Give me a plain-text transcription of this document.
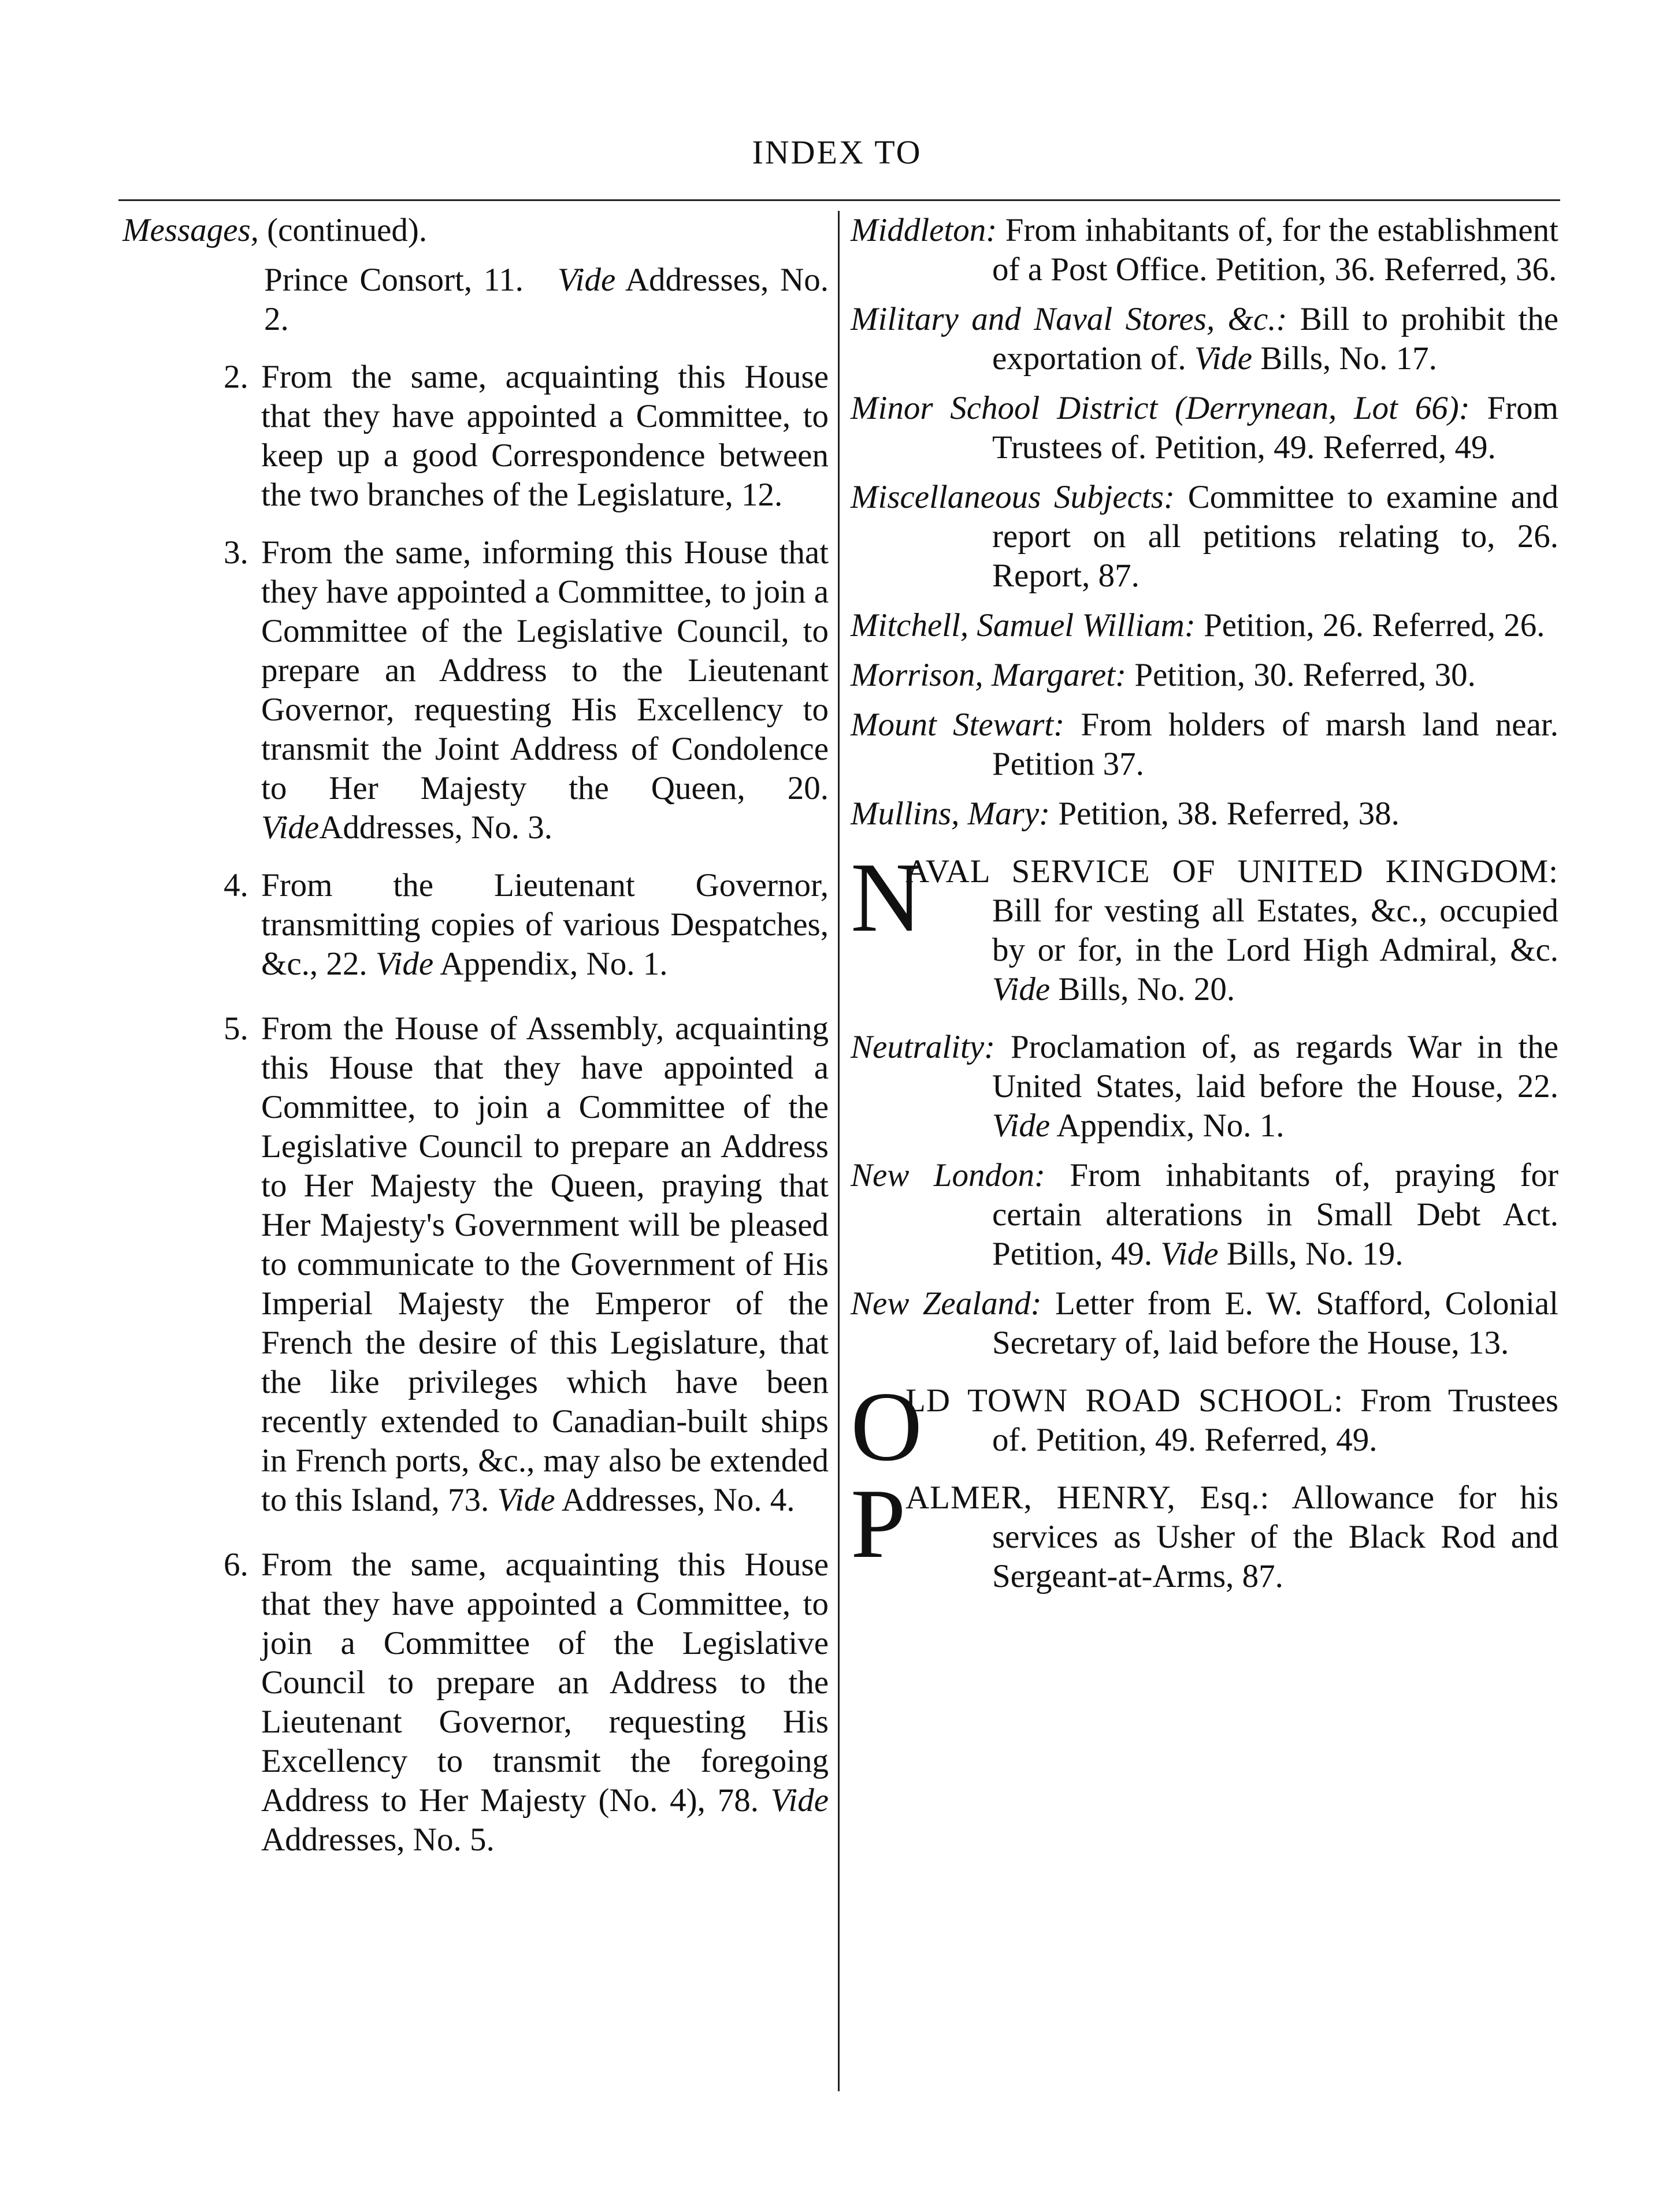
INDEX TO

Messages, (continued).

Prince Consort, 11. Vide Addresses, No. 2.

2. From the same, acquainting this House that they have appointed a Committee, to keep up a good Correspondence between the two branches of the Legislature, 12.

3. From the same, informing this House that they have appointed a Committee, to join a Committee of the Legislative Council, to prepare an Address to the Lieutenant Governor, requesting His Excellency to transmit the Joint Address of Condolence to Her Majesty the Queen, 20. VideAddresses, No. 3.

4. From the Lieutenant Governor, transmitting copies of various Despatches, &c., 22. Vide Appendix, No. 1.

5. From the House of Assembly, acquainting this House that they have appointed a Committee, to join a Committee of the Legislative Council to prepare an Address to Her Majesty the Queen, praying that Her Majesty's Government will be pleased to communicate to the Government of His Imperial Majesty the Emperor of the French the desire of this Legislature, that the like privileges which have been recently extended to Canadian-built ships in French ports, &c., may also be extended to this Island, 73. Vide Addresses, No. 4.

6. From the same, acquainting this House that they have appointed a Committee, to join a Committee of the Legislative Council to prepare an Address to the Lieutenant Governor, requesting His Excellency to transmit the foregoing Address to Her Majesty (No. 4), 78. Vide Addresses, No. 5.

Middleton: From inhabitants of, for the establishment of a Post Office. Petition, 36. Referred, 36.

Military and Naval Stores, &c.: Bill to prohibit the exportation of. Vide Bills, No. 17.

Minor School District (Derrynean, Lot 66): From Trustees of. Petition, 49. Referred, 49.

Miscellaneous Subjects: Committee to examine and report on all petitions relating to, 26. Report, 87.

Mitchell, Samuel William: Petition, 26. Referred, 26.

Morrison, Margaret: Petition, 30. Referred, 30.

Mount Stewart: From holders of marsh land near. Petition 37.

Mullins, Mary: Petition, 38. Referred, 38.

N
AVAL SERVICE OF UNITED KINGDOM: Bill for vesting all Estates, &c., occupied by or for, in the Lord High Admiral, &c. Vide Bills, No. 20.

Neutrality: Proclamation of, as regards War in the United States, laid before the House, 22. Vide Appendix, No. 1.

New London: From inhabitants of, praying for certain alterations in Small Debt Act. Petition, 49. Vide Bills, No. 19.

New Zealand: Letter from E. W. Stafford, Colonial Secretary of, laid before the House, 13.

O
LD TOWN ROAD SCHOOL: From Trustees of. Petition, 49. Referred, 49.
P ALMER, HENRY, Esq.: Allowance for his services as Usher of the Black Rod and Sergeant-at-Arms, 87.
